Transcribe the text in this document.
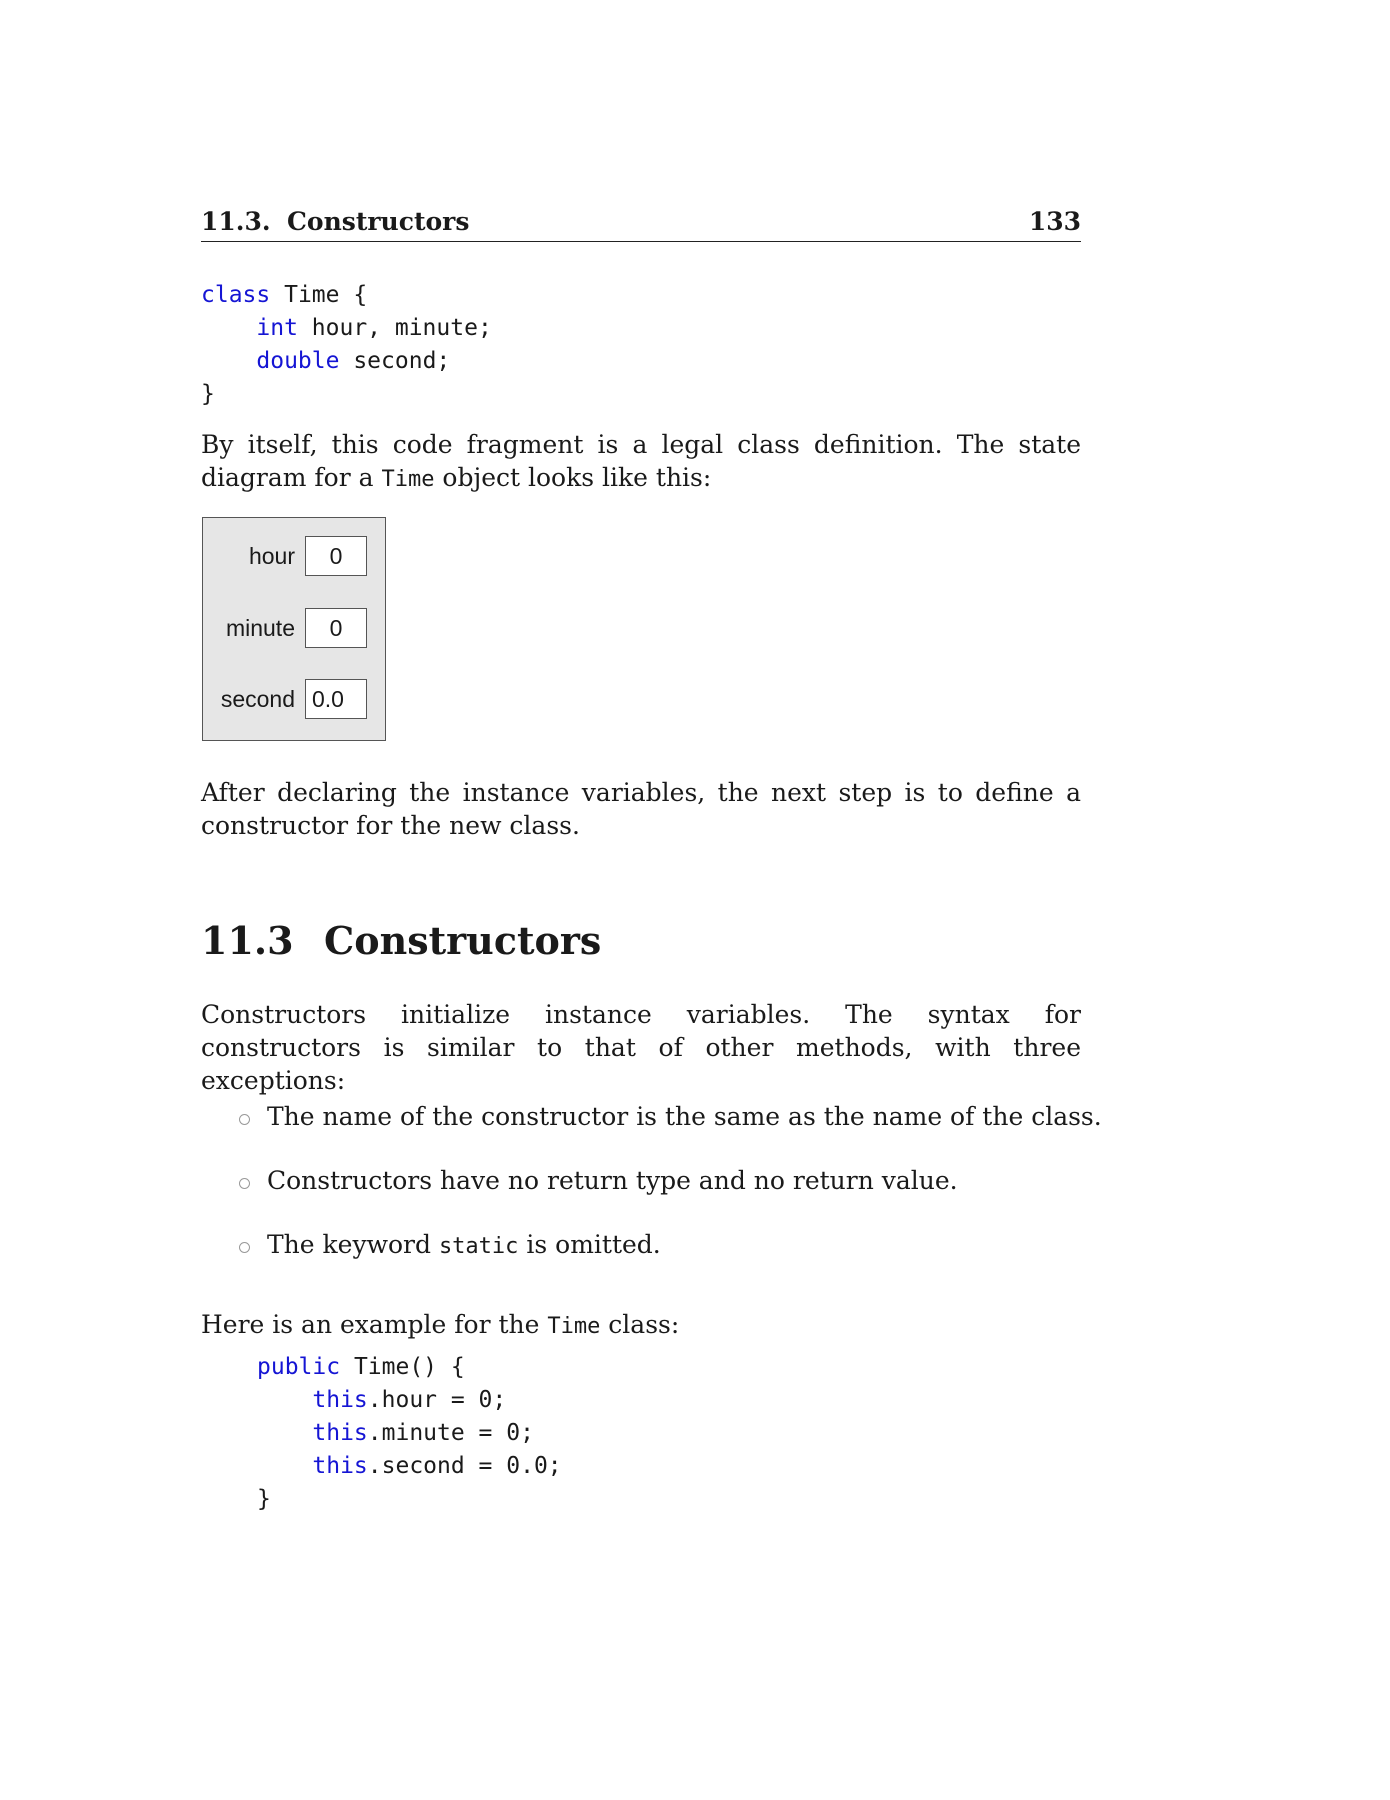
11.3. Constructors	133
class Time {
int hour, minute;
double second;
}

By itself, this code fragment is a legal class definition. The state diagram for a Time object looks like this:

hour	0
minute	0
second 0.0

After declaring the instance variables, the next step is to define a constructor for the new class.

11.3 Constructors

Constructors initialize instance variables. The syntax for constructors is similar to that of other methods, with three exceptions:

The name of the constructor is the same as the name of the class.
Constructors have no return type and no return value.
The keyword static is omitted.

Here is an example for the Time class:

public Time() {
this.hour = 0;
this.minute = 0;
this.second = 0.0;
}
